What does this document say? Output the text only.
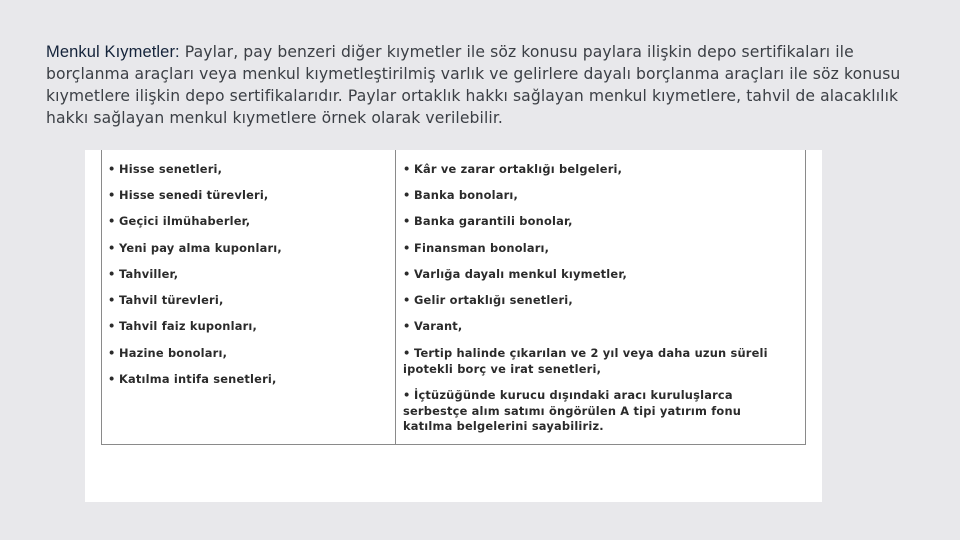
Menkul Kıymetler: Paylar, pay benzeri diğer kıymetler ile söz konusu paylara ilişkin depo sertifikaları ile borçlanma araçları veya menkul kıymetleştirilmiş varlık ve gelirlere dayalı borçlanma araçları ile söz konusu kıymetlere ilişkin depo sertifikalarıdır. Paylar ortaklık hakkı sağlayan menkul kıymetlere, tahvil de alacaklılık hakkı sağlayan menkul kıymetlere örnek olarak verilebilir.
• Hisse senetleri,
• Hisse senedi türevleri,
• Geçici ilmühaberler,
• Yeni pay alma kuponları,
• Tahviller,
• Tahvil türevleri,
• Tahvil faiz kuponları,
• Hazine bonoları,
• Katılma intifa senetleri,
• Kâr ve zarar ortaklığı belgeleri,
• Banka bonoları,
• Banka garantili bonolar,
• Finansman bonoları,
• Varlığa dayalı menkul kıymetler,
• Gelir ortaklığı senetleri,
• Varant,
• Tertip halinde çıkarılan ve 2 yıl veya daha uzun süreli
ipotekli borç ve irat senetleri,
• İçtüzüğünde kurucu dışındaki aracı kuruluşlarca
serbestçe alım satımı öngörülen A tipi yatırım fonu
katılma belgelerini sayabiliriz.
